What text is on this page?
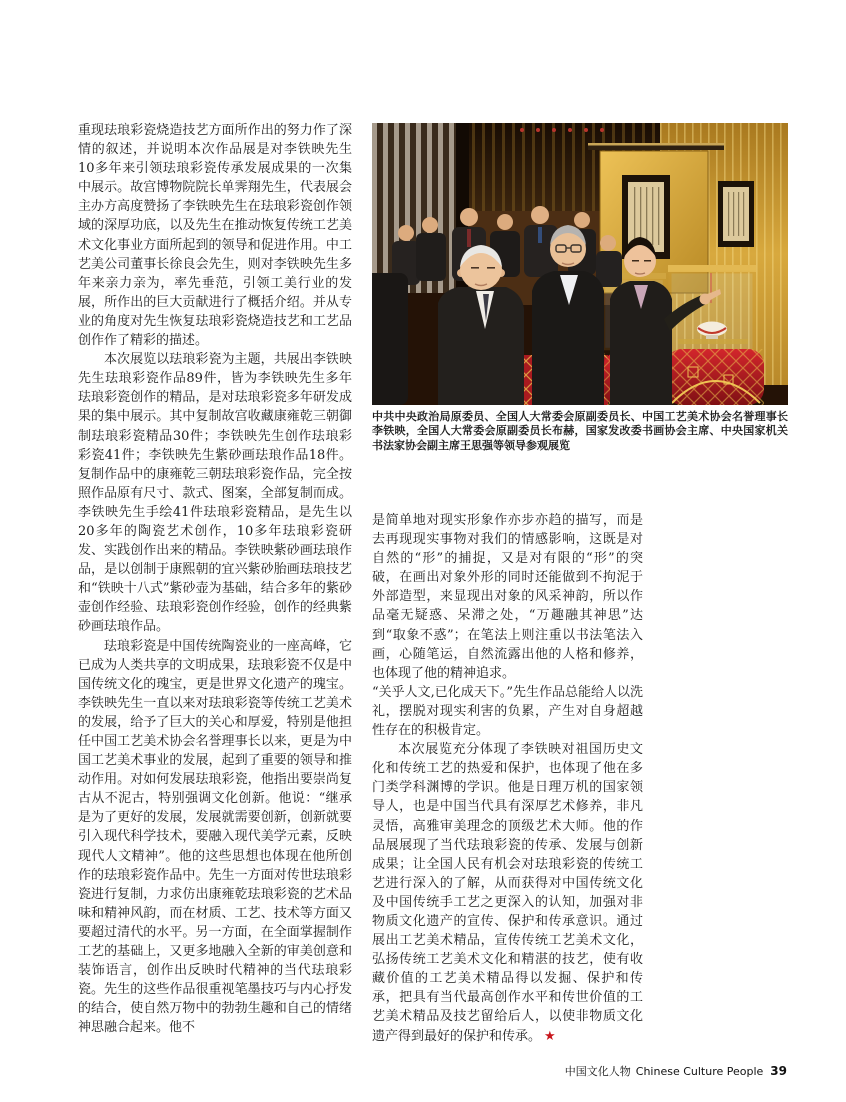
重现珐琅彩瓷烧造技艺方面所作出的努力作了深情的叙述，并说明本次作品展是对李铁映先生10多年来引领珐琅彩瓷传承发展成果的一次集中展示。故宫博物院院长单霁翔先生，代表展会主办方高度赞扬了李铁映先生在珐琅彩瓷创作领域的深厚功底，以及先生在推动恢复传统工艺美术文化事业方面所起到的领导和促进作用。中工艺美公司董事长徐良会先生，则对李铁映先生多年来亲力亲为，率先垂范，引领工美行业的发展，所作出的巨大贡献进行了概括介绍。并从专业的角度对先生恢复珐琅彩瓷烧造技艺和工艺品创作作了精彩的描述。

本次展览以珐琅彩瓷为主题，共展出李铁映先生珐琅彩瓷作品89件，皆为李铁映先生多年珐琅彩瓷创作的精品，是对珐琅彩瓷多年研发成果的集中展示。其中复制故宫收藏康雍乾三朝御制珐琅彩瓷精品30件；李铁映先生创作珐琅彩彩瓷41件；李铁映先生紫砂画珐琅作品18件。复制作品中的康雍乾三朝珐琅彩瓷作品，完全按照作品原有尺寸、款式、图案，全部复制而成。李铁映先生手绘41件珐琅彩瓷精品，是先生以20多年的陶瓷艺术创作，10多年珐琅彩瓷研发、实践创作出来的精品。李铁映紫砂画珐琅作品，是以创制于康熙朝的宜兴紫砂胎画珐琅技艺和“铁映十八式”紫砂壶为基础，结合多年的紫砂壶创作经验、珐琅彩瓷创作经验，创作的经典紫砂画珐琅作品。

珐琅彩瓷是中国传统陶瓷业的一座高峰，它已成为人类共享的文明成果，珐琅彩瓷不仅是中国传统文化的瑰宝，更是世界文化遗产的瑰宝。李铁映先生一直以来对珐琅彩瓷等传统工艺美术的发展，给予了巨大的关心和厚爱，特别是他担任中国工艺美术协会名誉理事长以来，更是为中国工艺美术事业的发展，起到了重要的领导和推动作用。对如何发展珐琅彩瓷，他指出要崇尚复古从不泥古，特别强调文化创新。他说：“继承是为了更好的发展，发展就需要创新，创新就要引入现代科学技术，要融入现代美学元素，反映现代人文精神”。他的这些思想也体现在他所创作的珐琅彩瓷作品中。先生一方面对传世珐琅彩瓷进行复制，力求仿出康雍乾珐琅彩瓷的艺术品味和精神风韵，而在材质、工艺、技术等方面又要超过清代的水平。另一方面，在全面掌握制作工艺的基础上，又更多地融入全新的审美创意和装饰语言，创作出反映时代精神的当代珐琅彩瓷。先生的这些作品很重视笔墨技巧与内心抒发的结合，使自然万物中的勃勃生趣和自己的情绪神思融合起来。他不

中共中央政治局原委员、全国人大常委会原副委员长、中国工艺美术协会名誉理事长李铁映，全国人大常委会原副委员长布赫，国家发改委书画协会主席、中央国家机关书法家协会副主席王思强等领导参观展览

是简单地对现实形象作亦步亦趋的描写，而是去再现现实事物对我们的情感影响，这既是对自然的“形”的捕捉，又是对有限的“形”的突破，在画出对象外形的同时还能做到不拘泥于外部造型，来显现出对象的风采神韵，所以作品毫无疑惑、呆滞之处，“万趣融其神思”达到“取象不惑”；在笔法上则注重以书法笔法入画，心随笔运，自然流露出他的人格和修养，也体现了他的精神追求。

“关乎人文,已化成天下。”先生作品总能给人以洗礼，摆脱对现实利害的负累，产生对自身超越性存在的积极肯定。

本次展览充分体现了李铁映对祖国历史文化和传统工艺的热爱和保护，也体现了他在多门类学科渊博的学识。他是日理万机的国家领导人，也是中国当代具有深厚艺术修养，非凡灵悟，高雅审美理念的顶级艺术大师。他的作品展展现了当代珐琅彩瓷的传承、发展与创新成果；让全国人民有机会对珐琅彩瓷的传统工艺进行深入的了解，从而获得对中国传统文化及中国传统手工艺之更深入的认知，加强对非物质文化遗产的宣传、保护和传承意识。通过展出工艺美术精品，宣传传统工艺美术文化，弘扬传统工艺美术文化和精湛的技艺，使有收藏价值的工艺美术精品得以发掘、保护和传承，把具有当代最高创作水平和传世价值的工艺美术精品及技艺留给后人，以使非物质文化遗产得到最好的保护和传承。 ★

中国文化人物 Chinese Culture People 39
